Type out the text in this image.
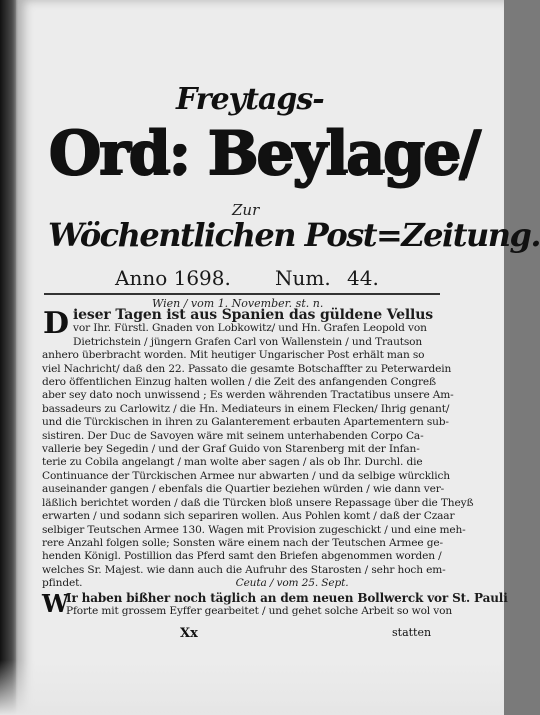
Freytags-
Ord: Beylage/
Zur
Wöchentlichen Post=Zeitung.
Anno 1698. Num. 44.
Wien / vom 1. November. st. n.
D ieser Tagen ist aus Spanien das güldene Vellus
vor Ihr. Fürstl. Gnaden von Lobkowitz/ und Hn. Grafen Leopold von
Dietrichstein / jüngern Grafen Carl von Wallenstein / und Trautson
anhero überbracht worden. Mit heutiger Ungarischer Post erhält man so
viel Nachricht/ daß den 22. Passato die gesamte Botschaffter zu Peterwardein
dero öffentlichen Einzug halten wollen / die Zeit des anfangenden Congreß
aber sey dato noch unwissend ; Es werden währenden Tractatibus unsere Am-
bassadeurs zu Carlowitz / die Hn. Mediateurs in einem Flecken/ Ihrig genant/
und die Türckischen in ihren zu Galanterement erbauten Apartementern sub-
sistiren. Der Duc de Savoyen wäre mit seinem unterhabenden Corpo Ca-
vallerie bey Segedin / und der Graf Guido von Starenberg mit der Infan-
terie zu Cobila angelangt / man wolte aber sagen / als ob Ihr. Durchl. die
Continuance der Türckischen Armee nur abwarten / und da selbige würcklich
auseinander gangen / ebenfals die Quartier beziehen würden / wie dann ver-
läßlich berichtet worden / daß die Türcken bloß unsere Repassage über die Theyß
erwarten / und sodann sich separiren wollen. Aus Pohlen komt / daß der Czaar
selbiger Teutschen Armee 130. Wagen mit Provision zugeschickt / und eine meh-
rere Anzahl folgen solle; Sonsten wäre einem nach der Teutschen Armee ge-
henden Königl. Postillion das Pferd samt den Briefen abgenommen worden /
welches Sr. Majest. wie dann auch die Aufruhr des Starosten / sehr hoch em-
pfindet.	Ceuta / vom 25. Sept.
W
Ir haben bißher noch täglich an dem neuen Bollwerck vor St. Pauli
Pforte mit grossem Eyffer gearbeitet / und gehet solche Arbeit so wol von
Xx	statten
